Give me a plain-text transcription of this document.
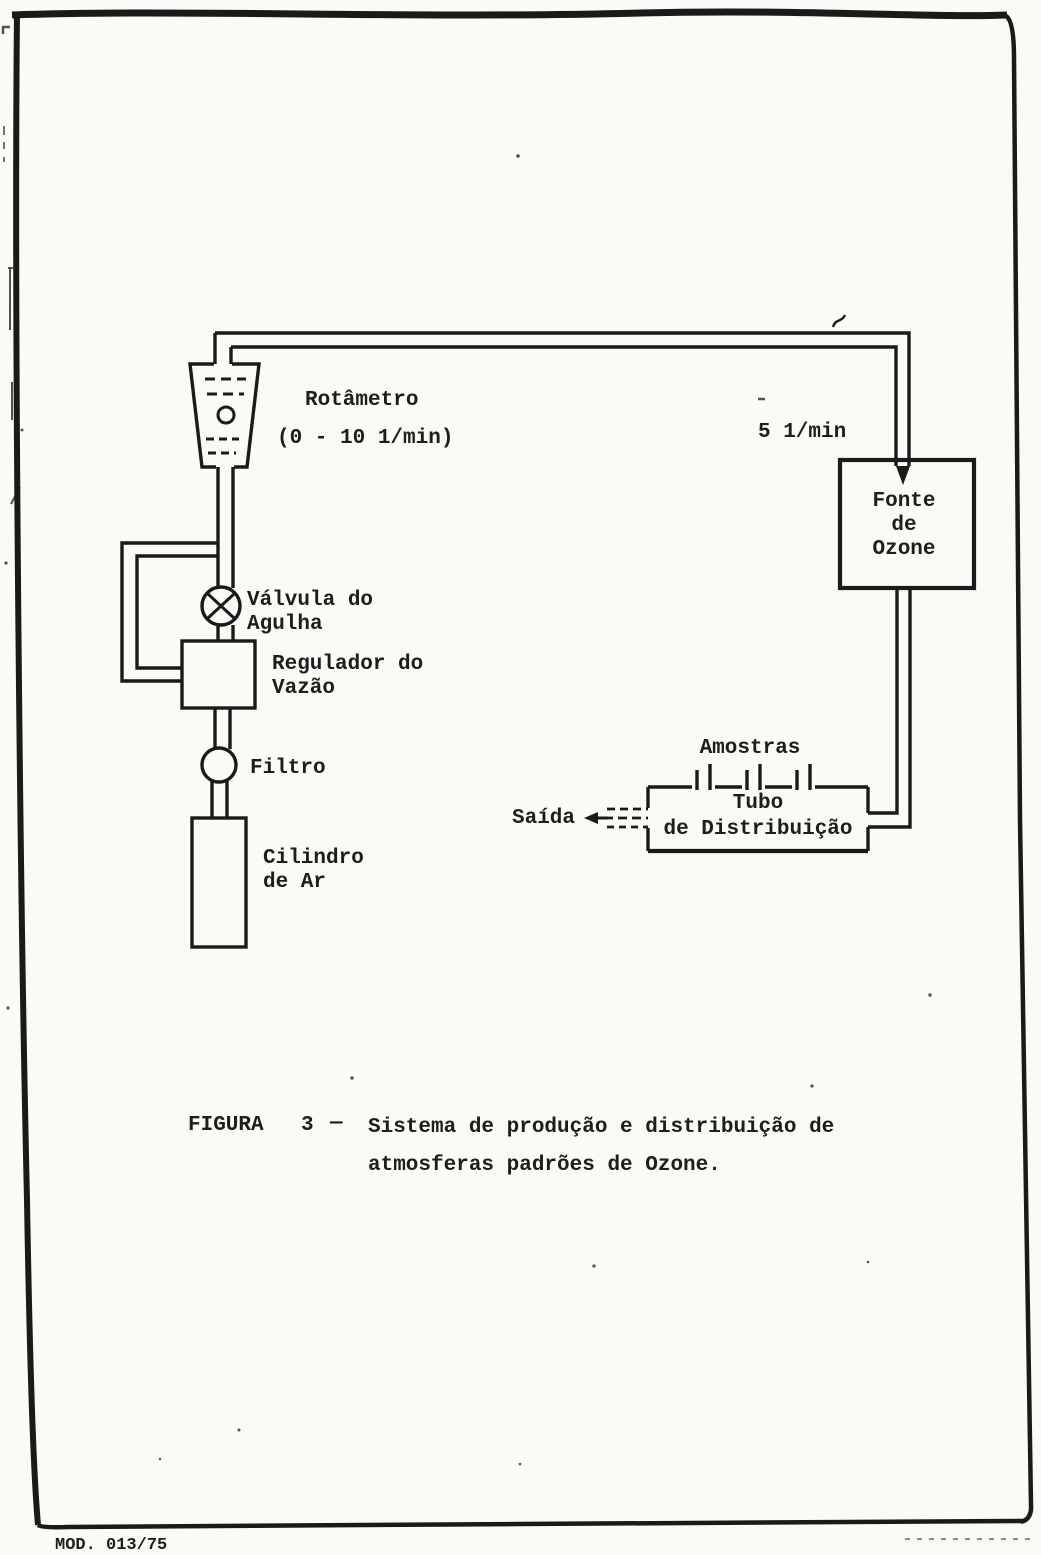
Rotâmetro
(0 - 10 1/min)	5 1/min
Fonte
de
Ozone
Válvula do
Agulha
Regulador do
Vazão
Filtro
Cilindro
de Ar
Amostras
Tubo
de Distribuição
Saída
FIGURA 3 — Sistema de produção e distribuição de
atmosferas padrões de Ozone.
MOD. 013/75
